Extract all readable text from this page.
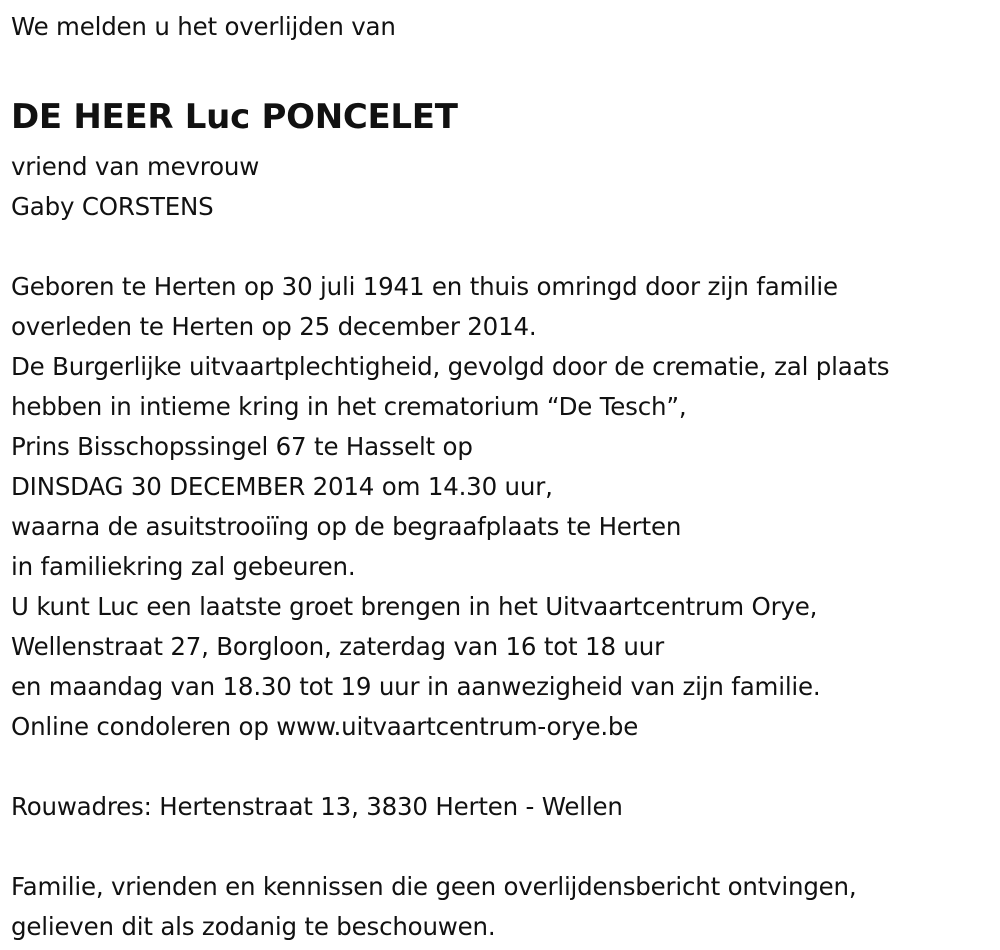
We melden u het overlijden van
DE HEER Luc PONCELET
vriend van mevrouw
Gaby CORSTENS
Geboren te Herten op 30 juli 1941 en thuis omringd door zijn familie
overleden te Herten op 25 december 2014.
De Burgerlijke uitvaartplechtigheid, gevolgd door de crematie, zal plaats
hebben in intieme kring in het crematorium “De Tesch”,
Prins Bisschopssingel 67 te Hasselt op
DINSDAG 30 DECEMBER 2014 om 14.30 uur,
waarna de asuitstrooiïng op de begraafplaats te Herten
in familiekring zal gebeuren.
U kunt Luc een laatste groet brengen in het Uitvaartcentrum Orye,
Wellenstraat 27, Borgloon, zaterdag van 16 tot 18 uur
en maandag van 18.30 tot 19 uur in aanwezigheid van zijn familie.
Online condoleren op www.uitvaartcentrum-orye.be
Rouwadres: Hertenstraat 13, 3830 Herten - Wellen
Familie, vrienden en kennissen die geen overlijdensbericht ontvingen,
gelieven dit als zodanig te beschouwen.
